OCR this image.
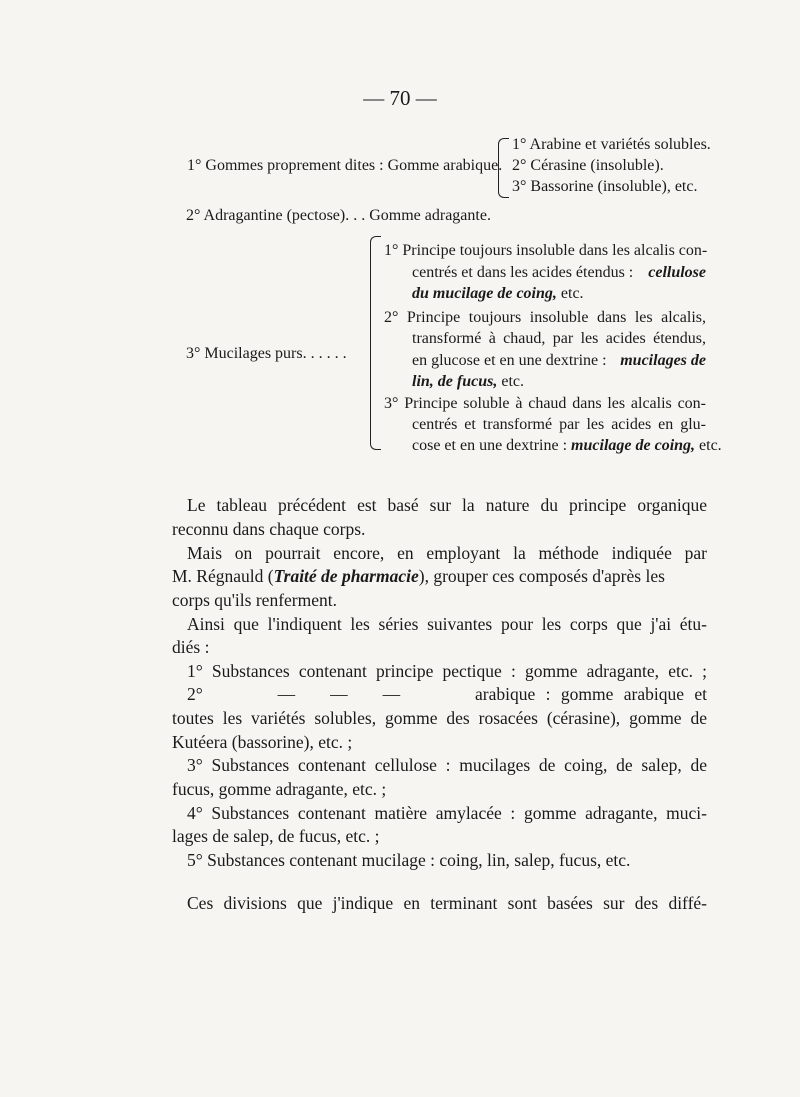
— 70 —
1° Gommes proprement dites : Gomme arabique.
1° Arabine et variétés solubles.
2° Cérasine (insoluble).
3° Bassorine (insoluble), etc.
2° Adragantine (pectose). . . Gomme adragante.
3° Mucilages purs. . . . . .
1° Principe toujours insoluble dans les alcalis con-
centrés et dans les acides étendus : cellulose
du mucilage de coing, etc.
2° Principe toujours insoluble dans les alcalis,
transformé à chaud, par les acides étendus,
en glucose et en une dextrine : mucilages de
lin, de fucus, etc.
3° Principe soluble à chaud dans les alcalis con-
centrés et transformé par les acides en glu-
cose et en une dextrine : mucilage de coing, etc.
Le tableau précédent est basé sur la nature du principe organique
reconnu dans chaque corps.
Mais on pourrait encore, en employant la méthode indiquée par
M. Régnauld (Traité de pharmacie), grouper ces composés d'après les
corps qu'ils renferment.
Ainsi que l'indiquent les séries suivantes pour les corps que j'ai étu-
diés :
1° Substances contenant principe pectique : gomme adragante, etc. ;
2°	—        —        —	arabique : gomme arabique et
toutes les variétés solubles, gomme des rosacées (cérasine), gomme de
Kutéera (bassorine), etc. ;
3° Substances contenant cellulose : mucilages de coing, de salep, de
fucus, gomme adragante, etc. ;
4° Substances contenant matière amylacée : gomme adragante, muci-
lages de salep, de fucus, etc. ;
5° Substances contenant mucilage : coing, lin, salep, fucus, etc.
Ces divisions que j'indique en terminant sont basées sur des diffé-
